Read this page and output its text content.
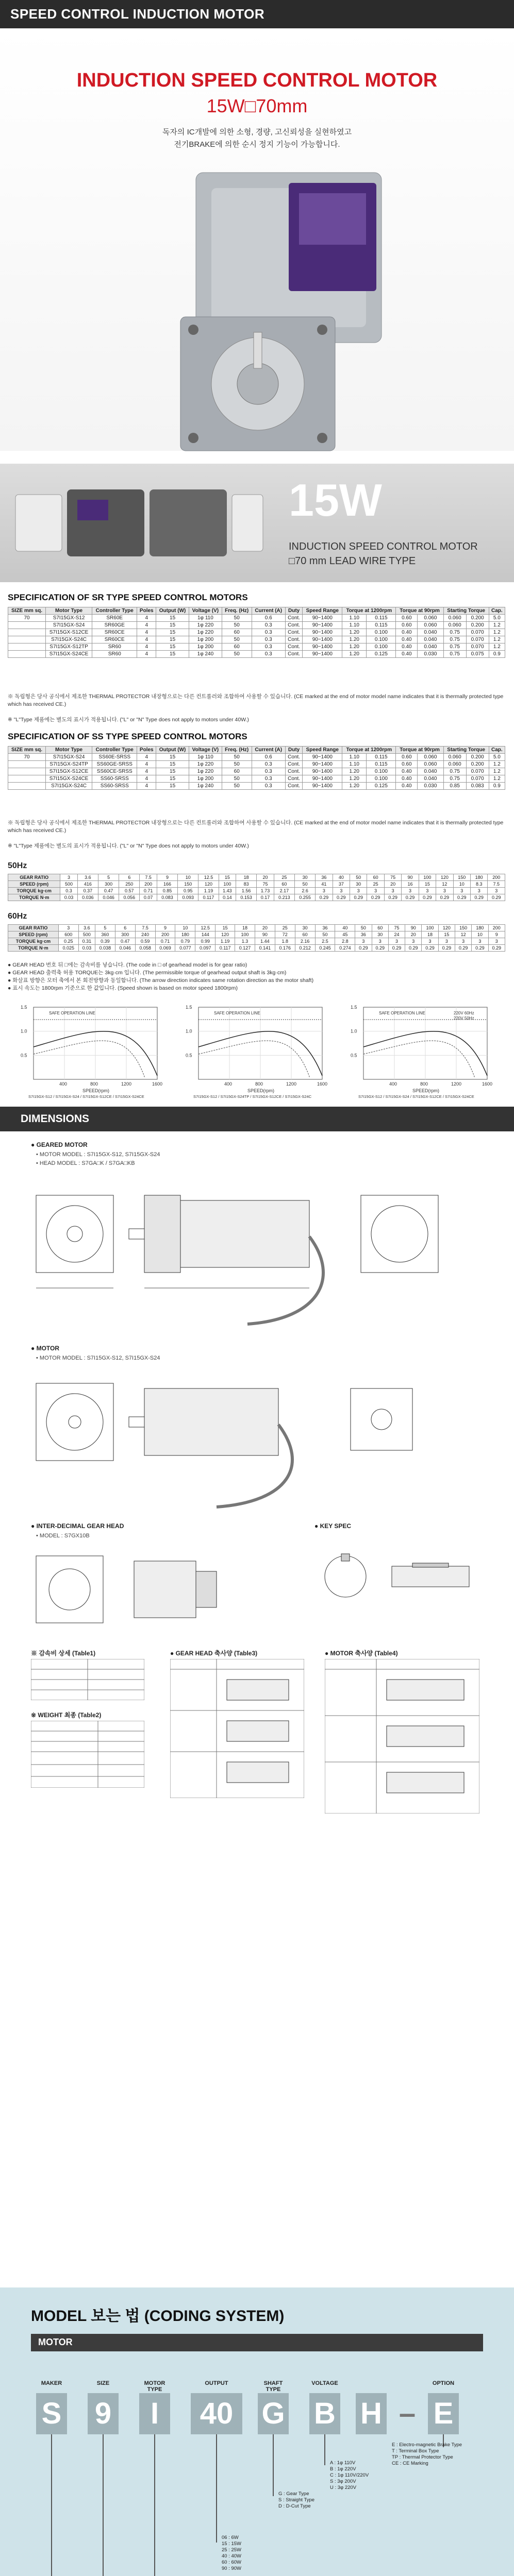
SPEED CONTROL INDUCTION MOTOR
INDUCTION SPEED CONTROL MOTOR
15W□70mm
독자의 IC개발에 의한 소형, 경량, 고신뢰성을 실현하였고
전기BRAKE에 의한 순시 정지 기능이 가능합니다.
15W
INDUCTION SPEED CONTROL MOTOR
□70 mm LEAD WIRE TYPE
SPECIFICATION OF SR TYPE SPEED CONTROL MOTORS
SIZE mm sq.	Motor Type	Controller Type	Poles	Output (W)	Voltage (V)	Freq. (Hz)	Current (A)	Duty	Speed Range	Torque at 1200rpm		Torque at 90rpm		Starting Torque		Cap.
70	S7I15GX-S12	SR60E	4	15	1φ 110	50	0.6	Cont.	90~1400	1.10	0.115	0.60	0.060	0.060	0.200	5.0
	S7I15GX-S24	SR60GE	4	15	1φ 220	50	0.3	Cont.	90~1400	1.10	0.115	0.60	0.060	0.060	0.200	1.2
	S7I15GX-S12CE	SR60CE	4	15	1φ 220	60	0.3	Cont.	90~1400	1.20	0.100	0.40	0.040	0.75	0.070	1.2
	S7I15GX-S24C	SR60CE	4	15	1φ 200	50	0.3	Cont.	90~1400	1.20	0.100	0.40	0.040	0.75	0.070	1.2
	S7I15GX-S12TP	SR60	4	15	1φ 200	60	0.3	Cont.	90~1400	1.20	0.100	0.40	0.040	0.75	0.070	1.2
	S7I15GX-S24CE	SR60	4	15	1φ 240	50	0.3	Cont.	90~1400	1.20	0.125	0.40	0.030	0.75	0.075	0.9
※ 독립형은 당사 공식에서 제조한 THERMAL PROTECTOR 내장형으로는 다른 컨트롤러와 조합하여 사용할 수 있습니다. (CE marked at the end of motor model name indicates that it is thermally protected type which has received CE.)
※ "L"Type 제품에는 별도의 표시가 적용됩니다. ("L" or "N" Type does not apply to motors under 40W.)
SPECIFICATION OF SS TYPE SPEED CONTROL MOTORS
SIZE mm sq.	Motor Type	Controller Type	Poles	Output (W)	Voltage (V)	Freq. (Hz)	Current (A)	Duty	Speed Range	Torque at 1200rpm		Torque at 90rpm		Starting Torque		Cap.
70	S7I15GX-S24	SS60E-SRSS	4	15	1φ 110	50	0.6	Cont.	90~1400	1.10	0.115	0.60	0.060	0.060	0.200	5.0
	S7I15GX-S24TP	SS60GE-SRSS	4	15	1φ 220	50	0.3	Cont.	90~1400	1.10	0.115	0.60	0.060	0.060	0.200	1.2
	S7I15GX-S12CE	SS60CE-SRSS	4	15	1φ 220	60	0.3	Cont.	90~1400	1.20	0.100	0.40	0.040	0.75	0.070	1.2
	S7I15GX-S24CE	SS60-SRSS	4	15	1φ 200	50	0.3	Cont.	90~1400	1.20	0.100	0.40	0.040	0.75	0.070	1.2
	S7I15GX-S24C	SS60-SRSS	4	15	1φ 240	50	0.3	Cont.	90~1400	1.20	0.125	0.40	0.030	0.85	0.083	0.9
※ 독립형은 당사 공식에서 제조한 THERMAL PROTECTOR 내장형으로는 다른 컨트롤러와 조합하여 사용할 수 있습니다. (CE marked at the end of motor model name indicates that it is thermally protected type which has received CE.)
※ "L"Type 제품에는 별도의 표시가 적용됩니다. ("L" or "N" Type does not apply to motors under 40W.)
50Hz
GEAR RATIO	3	3.6	5	6	7.5	9	10	12.5	15	18	20	25	30	36	40	50	60	75	90	100	120	150	180	200
SPEED (rpm)	500	416	300	250	200	166	150	120	100	83	75	60	50	41	37	30	25	20	16	15	12	10	8.3	7.5
TORQUE kg·cm	0.3	0.37	0.47	0.57	0.71	0.85	0.95	1.19	1.43	1.56	1.73	2.17	2.6	3	3	3	3	3	3	3	3	3	3	3
TORQUE N·m	0.03	0.036	0.046	0.056	0.07	0.083	0.093	0.117	0.14	0.153	0.17	0.213	0.255	0.29	0.29	0.29	0.29	0.29	0.29	0.29	0.29	0.29	0.29	0.29
60Hz
GEAR RATIO	3	3.6	5	6	7.5	9	10	12.5	15	18	20	25	30	36	40	50	60	75	90	100	120	150	180	200
SPEED (rpm)	600	500	360	300	240	200	180	144	120	100	90	72	60	50	45	36	30	24	20	18	15	12	10	9
TORQUE kg·cm	0.25	0.31	0.39	0.47	0.59	0.71	0.79	0.99	1.19	1.3	1.44	1.8	2.16	2.5	2.8	3	3	3	3	3	3	3	3	3
TORQUE N·m	0.025	0.03	0.038	0.046	0.058	0.069	0.077	0.097	0.117	0.127	0.141	0.176	0.212	0.245	0.274	0.29	0.29	0.29	0.29	0.29	0.29	0.29	0.29	0.29
● GEAR HEAD 번호 뒤 □에는 감속비를 넣습니다. (The code in □ of gearhead model is for gear ratio)
● GEAR HEAD 출력축 허용 TORQUE는 3kg·cm 입니다. (The permissible torque of gearhead output shaft is 3kg·cm)
● 화살표 방향은 모터 축에서 본 회전방향과 동일합니다. (The arrow direction indicates same rotation direction as the motor shaft)
● 표시 속도는 1800rpm 기준으로 한 값입니다. (Speed shown is based on motor speed 1800rpm)
400	800	1200	1600
0.5
1.0
1.5
SPEED(rpm)
SAFE OPERATION LINE
S7I15GX-S12 / S7I15GX-S24 / S7I15GX-S12CE / S7I15GX-S24CE
400	800	1200	1600
0.5
1.0
1.5
SPEED(rpm)
SAFE OPERATION LINE
S7I15GX-S12 / S7I15GX-S24TP / S7I15GX-S12CE / S7I15GX-S24C
400	800	1200	1600
0.5
1.0
1.5
SPEED(rpm)
SAFE OPERATION LINE	220V 60Hz
220V 50Hz
S7I15GX-S12 / S7I15GX-S24 / S7I15GX-S12CE / S7I15GX-S24CE
DIMENSIONS
● GEARED MOTOR
• MOTOR MODEL : S7I15GX-S12, S7I15GX-S24
• HEAD MODEL : S7GA□K / S7GA□KB
● MOTOR
• MOTOR MODEL : S7I15GX-S12, S7I15GX-S24
● INTER-DECIMAL GEAR HEAD
• MODEL : S7GX10B
● KEY SPEC
※ 감속비 상세 (Table1)
※ WEIGHT 최종 (Table2)
● GEAR HEAD 축사양 (Table3)	● MOTOR 축사양 (Table4)
MODEL 보는 법 (CODING SYSTEM)
MOTOR
MAKER	SIZE	MOTOR TYPE
OUTPUT	SHAFT TYPE
VOLTAGE	OPTION
S 9	I	40 G B H – E
06 : 6W
15 : 15W
25 : 25W
40 : 40W
60 : 60W
90 : 90W
G : Gear Type
S : Straight Type
D : D-Cut Type
A : 1φ 110V
B : 1φ 220V
C : 1φ 110V/220V
S : 3φ 200V
U : 3φ 220V
E : Electro-magnetic Brake Type
T : Terminal Box Type
TP : Thermal Protector Type
CE : CE Marking
